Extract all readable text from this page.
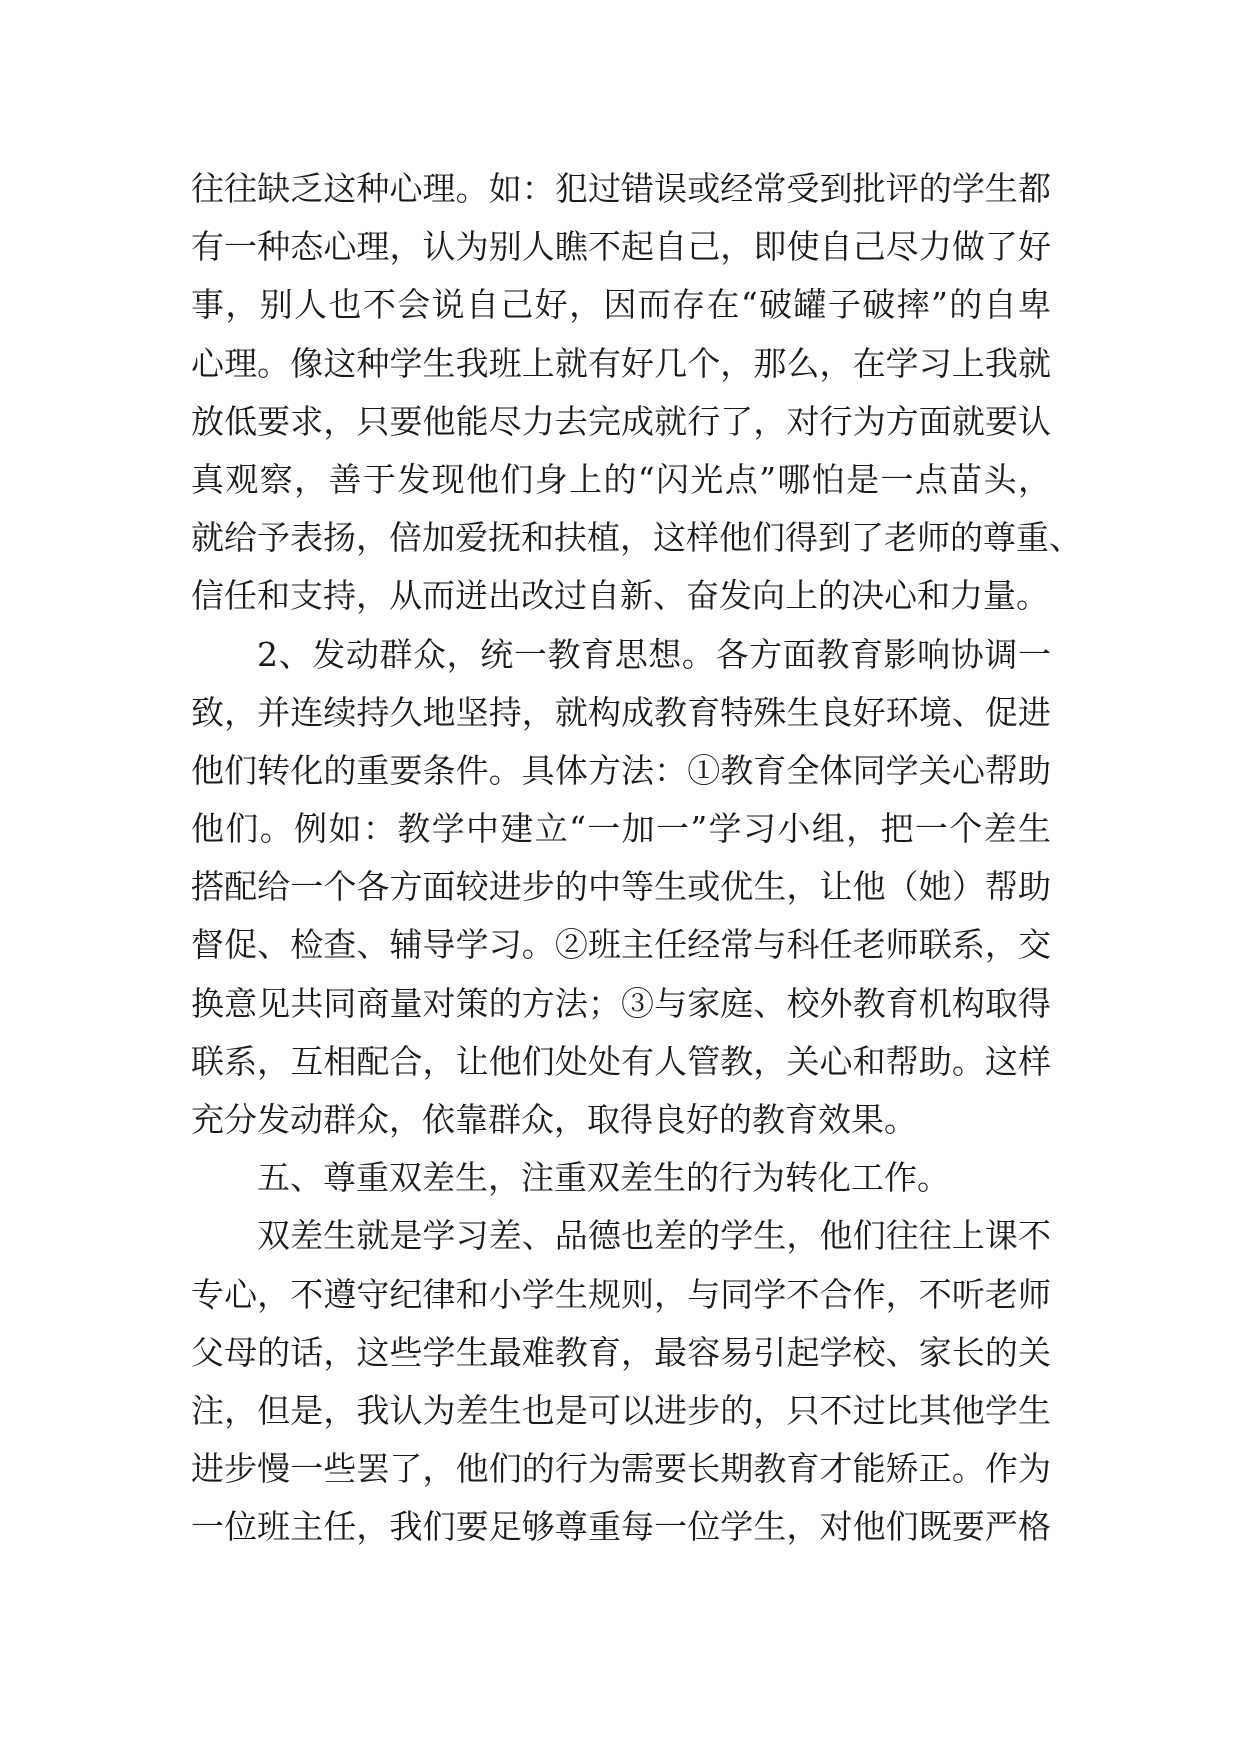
往往缺乏这种心理。如：犯过错误或经常受到批评的学生都
有一种态心理，认为别人瞧不起自己，即使自己尽力做了好
事，别人也不会说自己好，因而存在“破罐子破摔”的自卑
心理。像这种学生我班上就有好几个，那么，在学习上我就
放低要求，只要他能尽力去完成就行了，对行为方面就要认
真观察，善于发现他们身上的“闪光点”哪怕是一点苗头，
就给予表扬，倍加爱抚和扶植，这样他们得到了老师的尊重、
信任和支持，从而迸出改过自新、奋发向上的决心和力量。
2、发动群众，统一教育思想。各方面教育影响协调一
致，并连续持久地坚持，就构成教育特殊生良好环境、促进
他们转化的重要条件。具体方法：①教育全体同学关心帮助
他们。例如：教学中建立“一加一”学习小组，把一个差生
搭配给一个各方面较进步的中等生或优生，让他（她）帮助
督促、检查、辅导学习。②班主任经常与科任老师联系，交
换意见共同商量对策的方法；③与家庭、校外教育机构取得
联系，互相配合，让他们处处有人管教，关心和帮助。这样
充分发动群众，依靠群众，取得良好的教育效果。
五、尊重双差生，注重双差生的行为转化工作。
双差生就是学习差、品德也差的学生，他们往往上课不
专心，不遵守纪律和小学生规则，与同学不合作，不听老师
父母的话，这些学生最难教育，最容易引起学校、家长的关
注，但是，我认为差生也是可以进步的，只不过比其他学生
进步慢一些罢了，他们的行为需要长期教育才能矫正。作为
一位班主任，我们要足够尊重每一位学生，对他们既要严格
